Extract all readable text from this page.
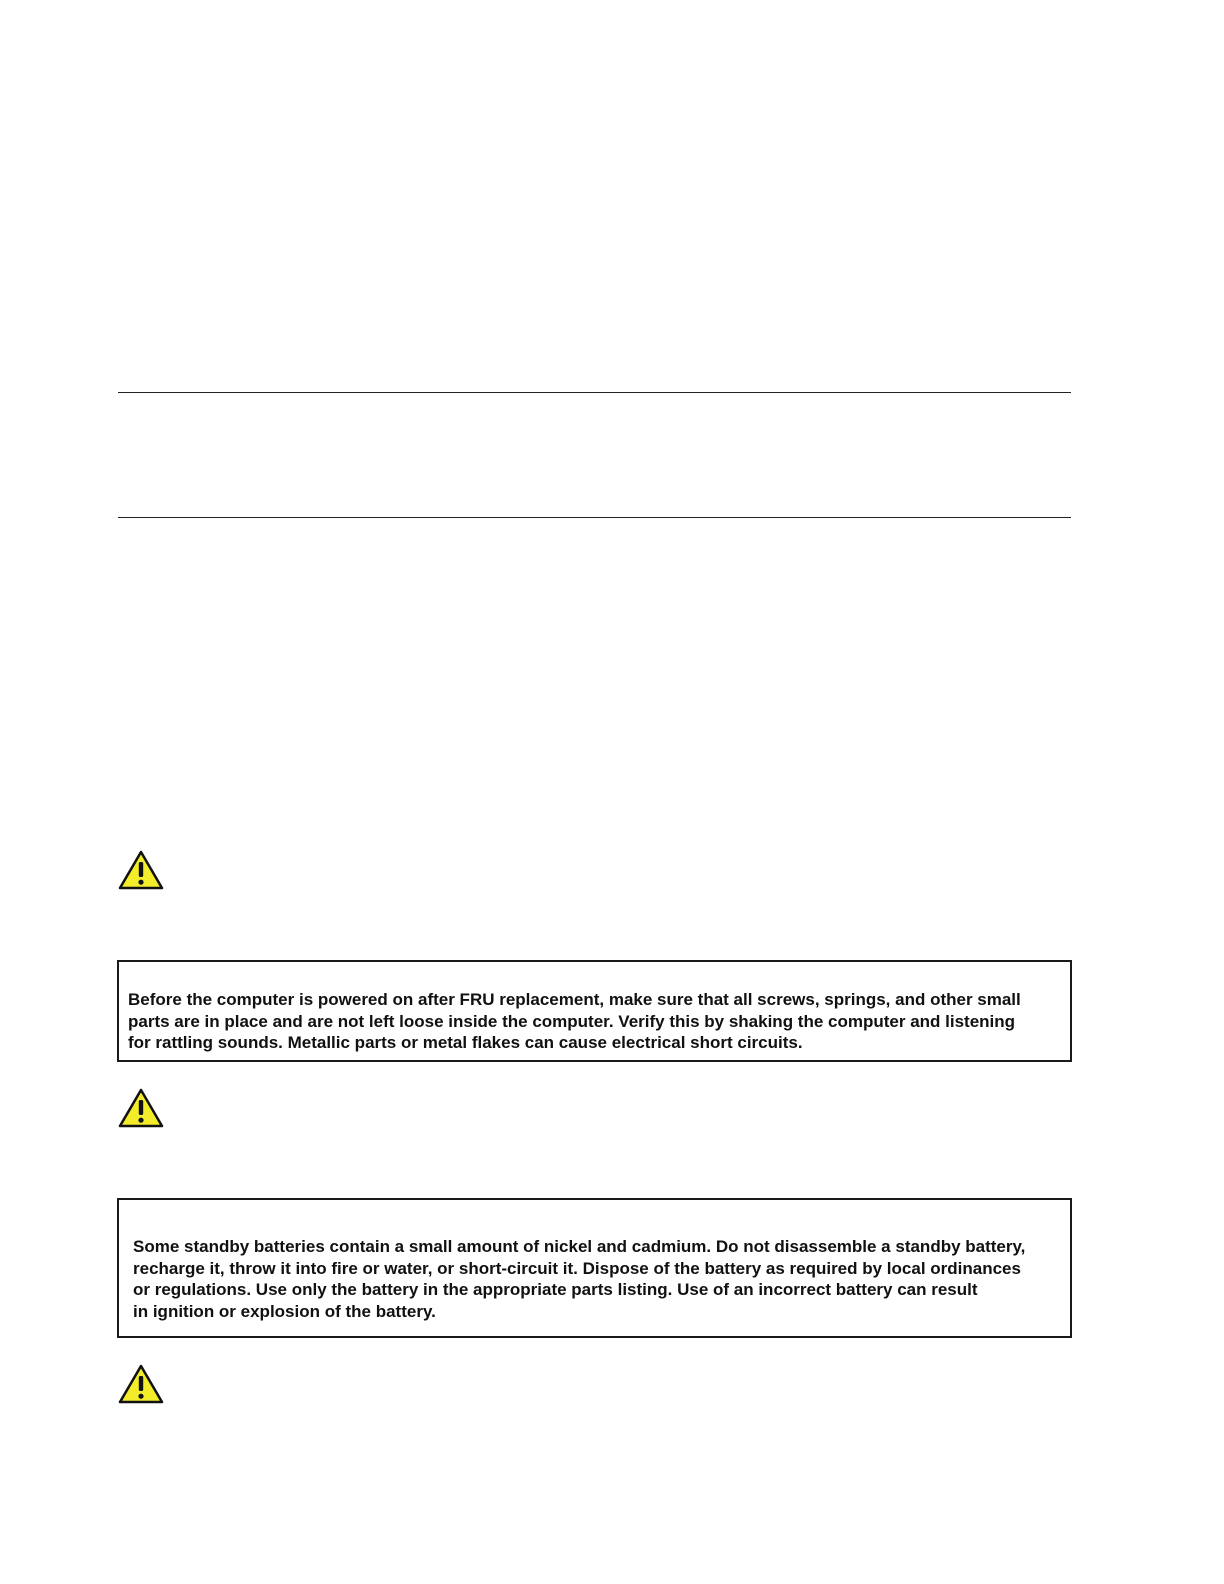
Before the computer is powered on after FRU replacement, make sure that all screws, springs, and other small
parts are in place and are not left loose inside the computer. Verify this by shaking the computer and listening
for rattling sounds. Metallic parts or metal flakes can cause electrical short circuits.

Some standby batteries contain a small amount of nickel and cadmium. Do not disassemble a standby battery,
recharge it, throw it into fire or water, or short-circuit it. Dispose of the battery as required by local ordinances
or regulations. Use only the battery in the appropriate parts listing. Use of an incorrect battery can result
in ignition or explosion of the battery.
